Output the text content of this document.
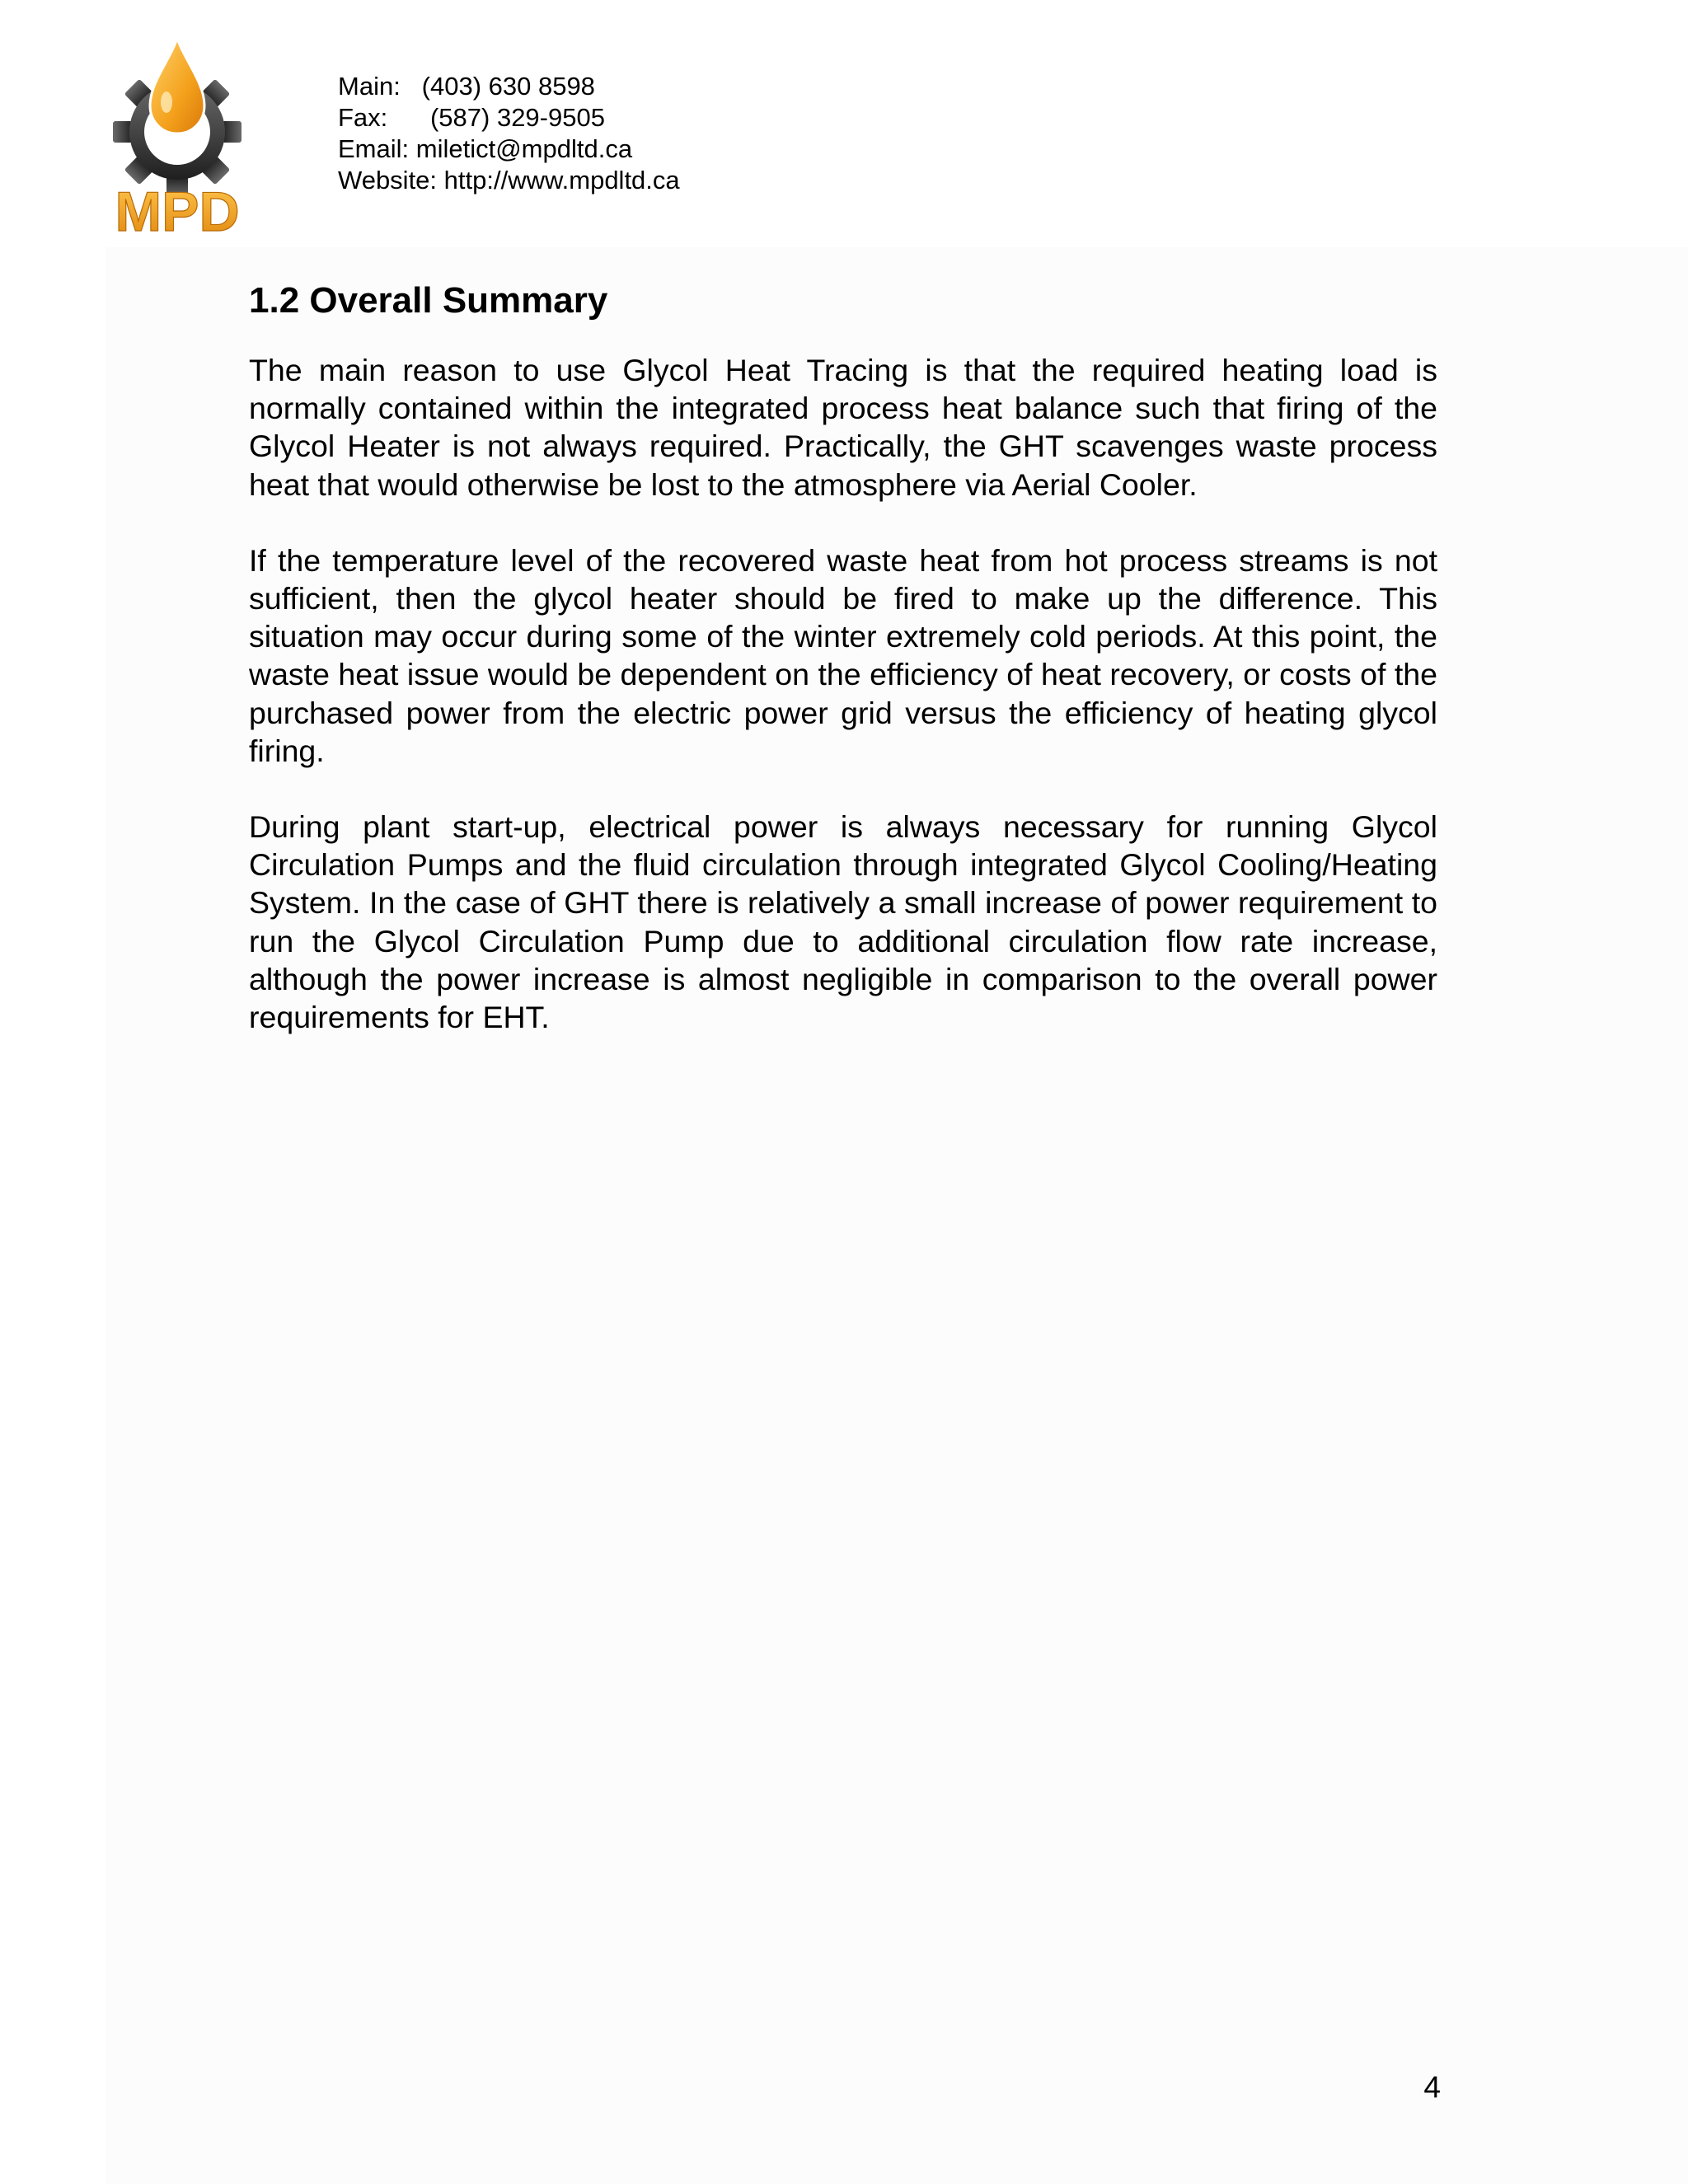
MPD
Main:   (403) 630 8598
Fax:      (587) 329-9505
Email: miletict@mpdltd.ca
Website: http://www.mpdltd.ca
1.2 Overall Summary

The main reason to use Glycol Heat Tracing is that the required heating load is normally contained within the integrated process heat balance such that firing of the Glycol Heater is not always required. Practically, the GHT scavenges waste process heat that would otherwise be lost to the atmosphere via Aerial Cooler.

If the temperature level of the recovered waste heat from hot process streams is not sufficient, then the glycol heater should be fired to make up the difference. This situation may occur during some of the winter extremely cold periods. At this point, the waste heat issue would be dependent on the efficiency of heat recovery, or costs of the purchased power from the electric power grid versus the efficiency of heating glycol firing.

During plant start-up, electrical power is always necessary for running Glycol Circulation Pumps and the fluid circulation through integrated Glycol Cooling/Heating System. In the case of GHT there is relatively a small increase of power requirement to run the Glycol Circulation Pump due to additional circulation flow rate increase, although the power increase is almost negligible in comparison to the overall power requirements for EHT.

4
